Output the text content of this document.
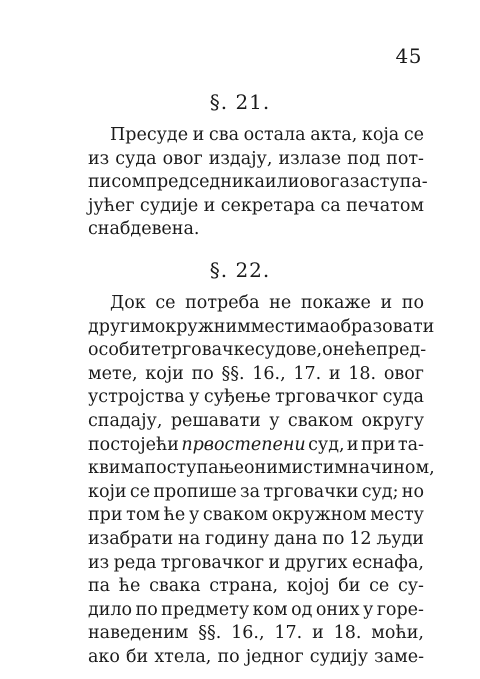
45
§. 21.
Пресуде и сва остала акта, која се
из суда овог издају, излазе под пот-
писом председника или овога заступа-
јућег судије и секретара са печатом
снабдевена.
§. 22.
Док се потреба не покаже и по
другим окружним местима образовати
особите трговачке судове, оне ће пред-
мете, који по §§. 16., 17. и 18. овог
устројства у суђење трговачког суда
спадају, решавати у сваком округу
постојећи првостепени суд, и при та-
квима поступање оним истим начином,
који се пропише за трговачки суд; но
при том ће у сваком окружном месту
изабрати на годину дана по 12 људи
из реда трговачког и других еснафа,
па ће свака страна, којој би се су-
дило по предмету ком од оних у горе-
наведеним §§. 16., 17. и 18. моћи,
ако би хтела, по једног судију заме-
